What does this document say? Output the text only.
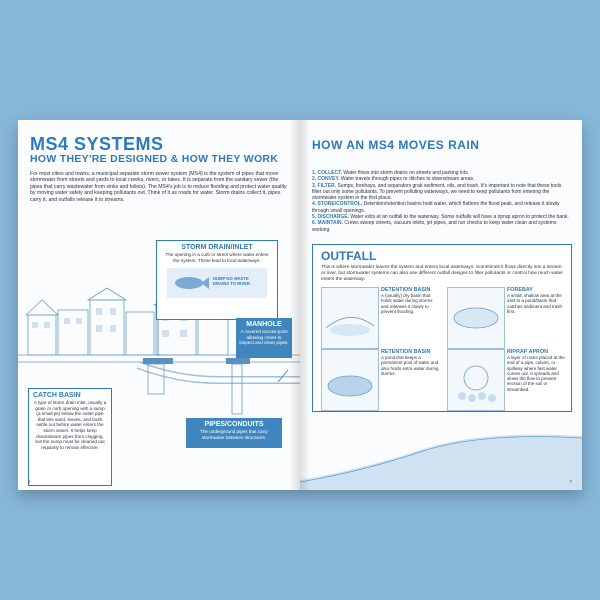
MS4 SYSTEMS
HOW THEY'RE DESIGNED & HOW THEY WORK
For most cities and towns, a municipal separate storm sewer system (MS4) is the system of pipes that move stormwater from streets and yards to local creeks, rivers, or lakes. It is separate from the sanitary sewer (the pipes that carry wastewater from sinks and toilets). The MS4's job is to reduce flooding and protect water quality by moving water safely and keeping pollutants out. Think of it as roads for water. Storm drains collect it, pipes carry it, and outfalls release it to streams.
STORM DRAIN/INLET
The opening in a curb or street where water enters the system. These lead to local waterways.
DUMP NO WASTE DRAINS TO RIVER
MANHOLE
A covered access point allowing crews to inspect and clean pipes.
CATCH BASIN
A type of storm drain inlet, usually a grate or curb opening with a sump (a small pit) below the outlet pipe that lets sand, leaves, and trash settle out before water enters the storm sewer. It helps keep downstream pipes from clogging, but the sump must be cleaned out regularly to remain effective.
PIPES/CONDUITS
The underground pipes that carry stormwater between structures.
6
HOW AN MS4 MOVES RAIN
1. COLLECT. Water flows into storm drains on streets and parking lots.
2. CONVEY. Water travels through pipes or ditches to downstream areas.
3. FILTER. Sumps, forebays, and separators grab sediment, oils, and trash. It's important to note that these tools filter out only some pollutants. To prevent polluting waterways, we need to keep pollutants from entering the stormwater system in the first place.
4. STORE/CONTROL. Detention/retention basins hold water, which flattens the flood peak, and release it slowly through small openings.
5. DISCHARGE. Water exits at an outfall to the waterway. Some outfalls will have a riprap apron to protect the bank.
6. MAINTAIN. Crews sweep streets, vacuum inlets, jet pipes, and run checks to keep water clean and systems working.
OUTFALL
This is where stormwater leaves the system and enters local waterways. Sometimes it flows directly into a stream or river, but stormwater systems can also use different outfall designs to filter pollutants or control how much water enters the waterway:
DETENTION BASIN
A (usually) dry basin that holds water during storms and releases it slowly to prevent flooding.
FOREBAY
A small, shallow area at the inlet to a pond/basin that catches sediment and trash first.
RETENTION BASIN
A pond that keeps a permanent pool of water and also holds extra water during storms.
RIPRAP APRON
A layer of rocks placed at the end of a pipe, culvert, or spillway where fast water comes out. It spreads and slows the flow to prevent erosion of the soil or streambed.
7
